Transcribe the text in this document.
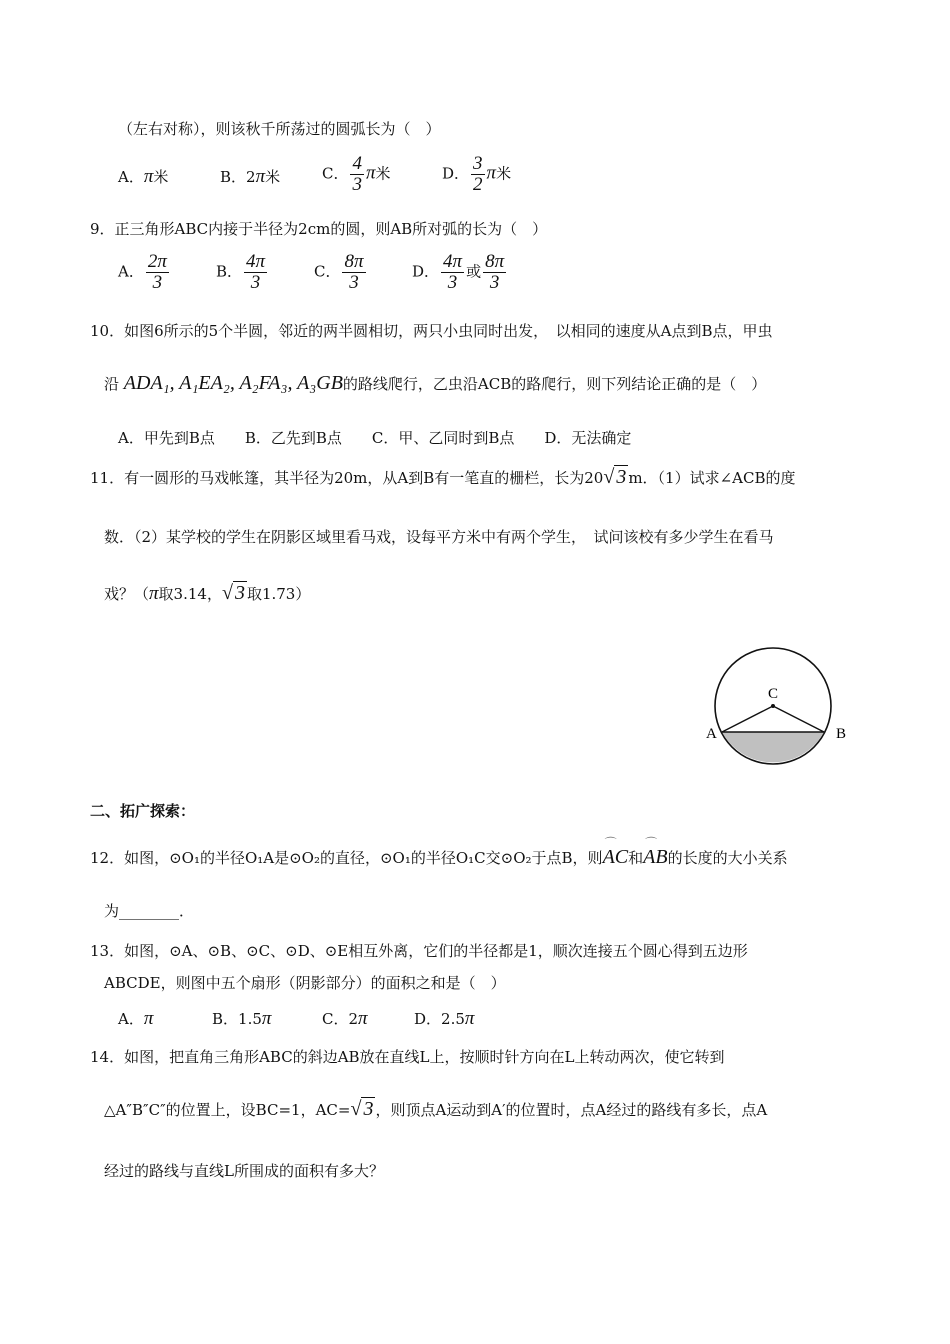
（左右对称），则该秋千所荡过的圆弧长为（　）
A．π米	B．2π米	C． $\frac{4}{3}$ π米	D． $\frac{3}{2}$ π米
9．正三角形ABC内接于半径为2cm的圆，则AB所对弧的长为（　）
A． $\frac{2\pi}{3}$	B． $\frac{4\pi}{3}$	C． $\frac{8\pi}{3}$	D． $\frac{4\pi}{3}$ 或 $\frac{8\pi}{3}$
10．如图6所示的5个半圆，邻近的两半圆相切，两只小虫同时出发，　以相同的速度从A点到B点，甲虫
沿 ADA₁, A₁EA₂, A₂FA₃, A₃GB的路线爬行，乙虫沿ACB的路爬行，则下列结论正确的是（　）
A．甲先到B点　　B．乙先到B点　　C．甲、乙同时到B点　　D．无法确定
11．有一圆形的马戏帐篷，其半径为20m，从A到B有一笔直的栅栏，长为20√ 3 m．（1）试求∠ACB的度
数．（2）某学校的学生在阴影区域里看马戏，设每平方米中有两个学生，　试问该校有多少学生在看马
戏？（π取3.14，√ 3 取1.73）
C
A	B
二、拓广探索：
12．如图，⊙O₁的半径O₁A是⊙O₂的直径，⊙O₁的半径O₁C交⊙O₂于点B，则
⌒
AC和
⌒
AB的长度的大小关系
为________．
13．如图，⊙A、⊙B、⊙C、⊙D、⊙E相互外离，它们的半径都是1，顺次连接五个圆心得到五边形
ABCDE，则图中五个扇形（阴影部分）的面积之和是（　）
A．π	B．1.5π	C．2π	D．2.5π
14．如图，把直角三角形ABC的斜边AB放在直线L上，按顺时针方向在L上转动两次，使它转到
△A″B″C″的位置上，设BC=1，AC=√ 3 ，则顶点A运动到A′的位置时，点A经过的路线有多长，点A
经过的路线与直线L所围成的面积有多大？
